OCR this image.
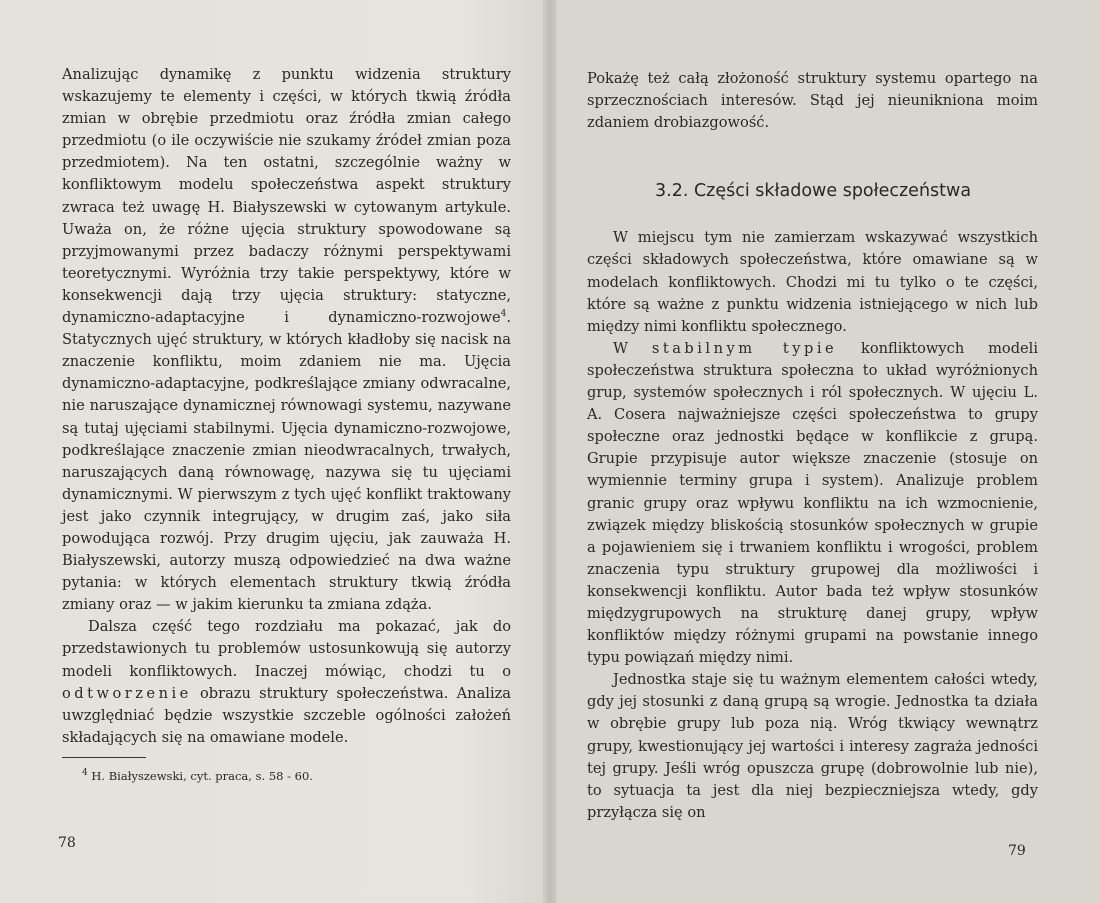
Analizując dynamikę z punktu widzenia struktury wskazujemy te elementy i części, w których tkwią źródła zmian w obrębie przedmiotu oraz źródła zmian całego przedmiotu (o ile oczywiście nie szukamy źródeł zmian poza przedmiotem). Na ten ostatni, szczególnie ważny w konfliktowym modelu społeczeństwa aspekt struktury zwraca też uwagę H. Białyszewski w cytowanym artykule. Uważa on, że różne ujęcia struktury spowodowane są przyjmowanymi przez badaczy różnymi perspektywami teoretycznymi. Wyróżnia trzy takie perspektywy, które w konsekwencji dają trzy ujęcia struktury: statyczne, dynamiczno-adaptacyjne i dynamiczno-rozwojowe$^4$. Statycznych ujęć struktury, w których kładłoby się nacisk na znaczenie konfliktu, moim zdaniem nie ma. Ujęcia dynamiczno-adaptacyjne, podkreślające zmiany odwracalne, nie naruszające dynamicznej równowagi systemu, nazywane są tutaj ujęciami stabilnymi. Ujęcia dynamiczno-rozwojowe, podkreślające znaczenie zmian nieodwracalnych, trwałych, naruszających daną równowagę, nazywa się tu ujęciami dynamicznymi. W pierwszym z tych ujęć konflikt traktowany jest jako czynnik integrujący, w drugim zaś, jako siła powodująca rozwój. Przy drugim ujęciu, jak zauważa H. Białyszewski, autorzy muszą odpowiedzieć na dwa ważne pytania: w których elementach struktury tkwią źródła zmiany oraz — w jakim kierunku ta zmiana zdąża.

Dalsza część tego rozdziału ma pokazać, jak do przedstawionych tu problemów ustosunkowują się autorzy modeli konfliktowych. Inaczej mówiąc, chodzi tu o odtworzenie obrazu struktury społeczeństwa. Analiza uwzględniać będzie wszystkie szczeble ogólności założeń składających się na omawiane modele.

$^4$ H. Białyszewski, cyt. praca, s. 58 - 60.
78

Pokażę też całą złożoność struktury systemu opartego na sprzecznościach interesów. Stąd jej nieunikniona moim zdaniem drobiazgowość.

3.2. Części składowe społeczeństwa

W miejscu tym nie zamierzam wskazywać wszystkich części składowych społeczeństwa, które omawiane są w modelach konfliktowych. Chodzi mi tu tylko o te części, które są ważne z punktu widzenia istniejącego w nich lub między nimi konfliktu społecznego.

W stabilnym typie konfliktowych modeli społeczeństwa struktura społeczna to układ wyróżnionych grup, systemów społecznych i ról społecznych. W ujęciu L. A. Cosera najważniejsze części społeczeństwa to grupy społeczne oraz jednostki będące w konflikcie z grupą. Grupie przypisuje autor większe znaczenie (stosuje on wymiennie terminy grupa i system). Analizuje problem granic grupy oraz wpływu konfliktu na ich wzmocnienie, związek między bliskością stosunków społecznych w grupie a pojawieniem się i trwaniem konfliktu i wrogości, problem znaczenia typu struktury grupowej dla możliwości i konsekwencji konfliktu. Autor bada też wpływ stosunków międzygrupowych na strukturę danej grupy, wpływ konfliktów między różnymi grupami na powstanie innego typu powiązań między nimi.

Jednostka staje się tu ważnym elementem całości wtedy, gdy jej stosunki z daną grupą są wrogie. Jednostka ta działa w obrębie grupy lub poza nią. Wróg tkwiący wewnątrz grupy, kwestionujący jej wartości i interesy zagraża jedności tej grupy. Jeśli wróg opuszcza grupę (dobrowolnie lub nie), to sytuacja ta jest dla niej bezpieczniejsza wtedy, gdy przyłącza się on

79
